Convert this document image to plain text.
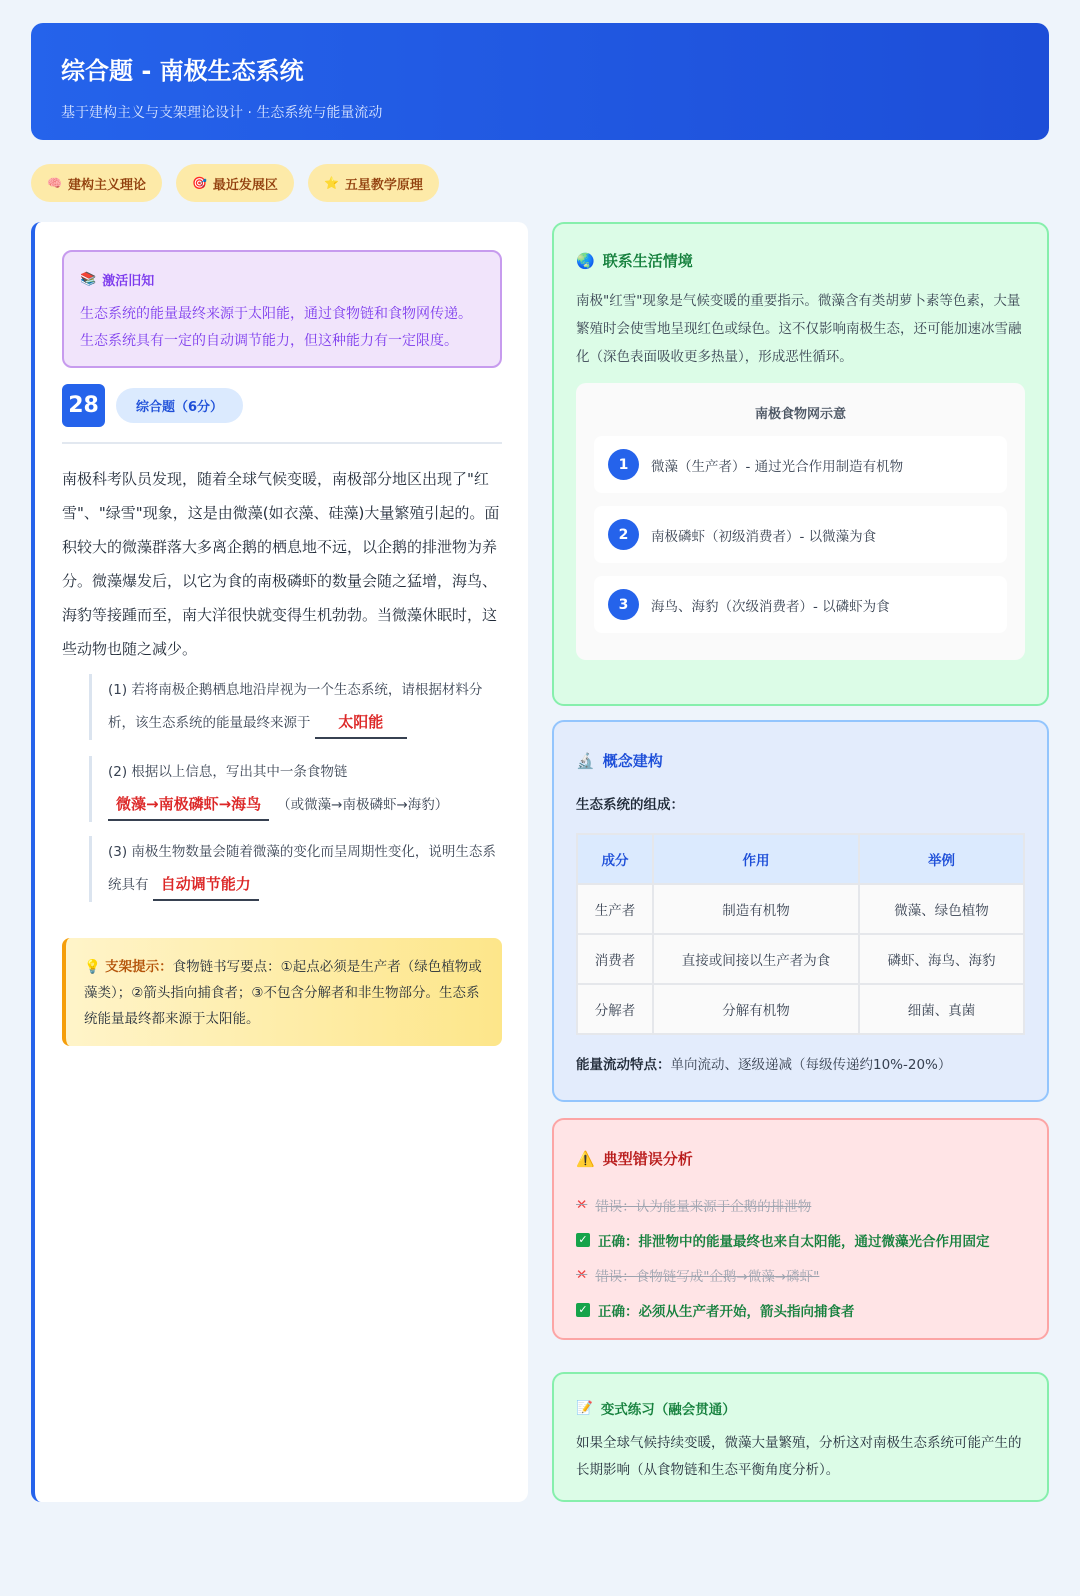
综合题 - 南极生态系统

基于建构主义与支架理论设计 · 生态系统与能量流动

🧠 建构主义理论	🎯 最近发展区	⭐ 五星教学原理
📚 激活旧知
生态系统的能量最终来源于太阳能，通过食物链和食物网传递。生态系统具有一定的自动调节能力，但这种能力有一定限度。
28	综合题（6分）
南极科考队员发现，随着全球气候变暖，南极部分地区出现了"红雪"、"绿雪"现象，这是由微藻(如衣藻、硅藻)大量繁殖引起的。面积较大的微藻群落大多离企鹅的栖息地不远，以企鹅的排泄物为养分。微藻爆发后，以它为食的南极磷虾的数量会随之猛增，海鸟、海豹等接踵而至，南大洋很快就变得生机勃勃。当微藻休眠时，这些动物也随之减少。
(1) 若将南极企鹅栖息地沿岸视为一个生态系统，请根据材料分析，该生态系统的能量最终来源于 太阳能
(2) 根据以上信息，写出其中一条食物链
微藻→南极磷虾→海鸟 （或微藻→南极磷虾→海豹）
(3) 南极生物数量会随着微藻的变化而呈周期性变化，说明生态系统具有 自动调节能力
💡 支架提示：食物链书写要点：①起点必须是生产者（绿色植物或藻类）；②箭头指向捕食者；③不包含分解者和非生物部分。生态系统能量最终都来源于太阳能。
🌏 联系生活情境
南极"红雪"现象是气候变暖的重要指示。微藻含有类胡萝卜素等色素，大量繁殖时会使雪地呈现红色或绿色。这不仅影响南极生态，还可能加速冰雪融化（深色表面吸收更多热量），形成恶性循环。
南极食物网示意
1	微藻（生产者）- 通过光合作用制造有机物
2	南极磷虾（初级消费者）- 以微藻为食
3	海鸟、海豹（次级消费者）- 以磷虾为食
🔬 概念建构
生态系统的组成：
成分	作用	举例
生产者	制造有机物	微藻、绿色植物
消费者	直接或间接以生产者为食	磷虾、海鸟、海豹
分解者	分解有机物	细菌、真菌
能量流动特点：单向流动、逐级递减（每级传递约10%-20%）
⚠️ 典型错误分析
✕ 错误：认为能量来源于企鹅的排泄物
✓ 正确：排泄物中的能量最终也来自太阳能，通过微藻光合作用固定
✕ 错误：食物链写成"企鹅→微藻→磷虾"
✓ 正确：必须从生产者开始，箭头指向捕食者
📝 变式练习（融会贯通）
如果全球气候持续变暖，微藻大量繁殖，分析这对南极生态系统可能产生的长期影响（从食物链和生态平衡角度分析）。
